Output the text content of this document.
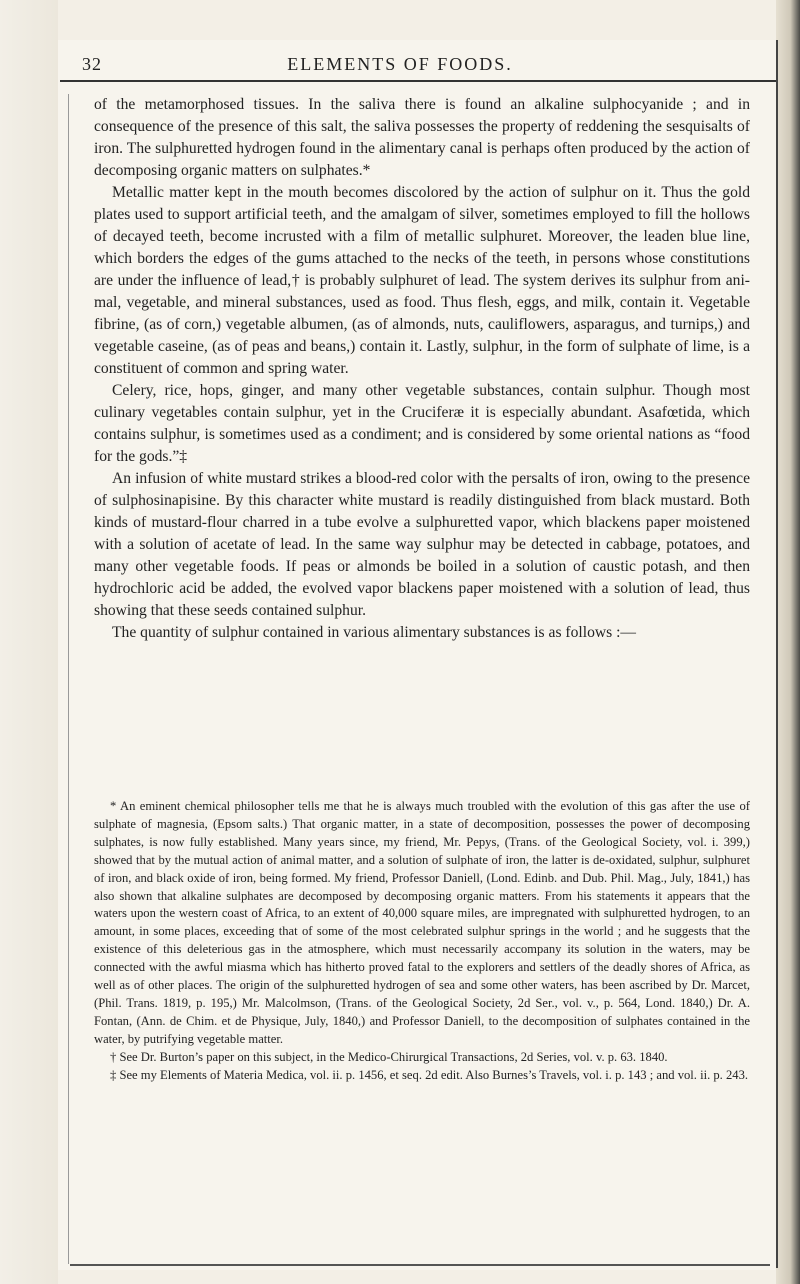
32	ELEMENTS OF FOODS.

of the metamorphosed tissues. In the saliva there is found an alkaline sulphocyanide ; and in consequence of the presence of this salt, the saliva possesses the property of reddening the sesquisalts of iron. The sulphuretted hydrogen found in the alimentary canal is perhaps often produced by the action of decomposing organic matters on sulphates.*

Metallic matter kept in the mouth becomes discolored by the action of sulphur on it. Thus the gold plates used to support artificial teeth, and the amalgam of silver, sometimes employed to fill the hollows of decayed teeth, become incrusted with a film of metallic sulphuret. Moreover, the leaden blue line, which borders the edges of the gums attached to the necks of the teeth, in persons whose constitutions are under the influence of lead,† is probably sulphuret of lead. The system derives its sulphur from animal, vegetable, and mineral substances, used as food. Thus flesh, eggs, and milk, contain it. Vegetable fibrine, (as of corn,) vegetable albumen, (as of almonds, nuts, cauliflowers, asparagus, and turnips,) and vegetable caseine, (as of peas and beans,) contain it. Lastly, sulphur, in the form of sulphate of lime, is a constituent of common and spring water.

Celery, rice, hops, ginger, and many other vegetable substances, contain sulphur. Though most culinary vegetables contain sulphur, yet in the Cruciferæ it is especially abundant. Asafœtida, which contains sulphur, is sometimes used as a condiment; and is considered by some oriental nations as “food for the gods.”‡

An infusion of white mustard strikes a blood-red color with the persalts of iron, owing to the presence of sulphosinapisine. By this character white mustard is readily distinguished from black mustard. Both kinds of mustard-flour charred in a tube evolve a sulphuretted vapor, which blackens paper moistened with a solution of acetate of lead. In the same way sulphur may be detected in cabbage, potatoes, and many other vegetable foods. If peas or almonds be boiled in a solution of caustic potash, and then hydrochloric acid be added, the evolved vapor blackens paper moistened with a solution of lead, thus showing that these seeds contained sulphur.

The quantity of sulphur contained in various alimentary substances is as follows :—

* An eminent chemical philosopher tells me that he is always much troubled with the evolution of this gas after the use of sulphate of magnesia, (Epsom salts.) That organic matter, in a state of decomposition, possesses the power of decomposing sulphates, is now fully established. Many years since, my friend, Mr. Pepys, (Trans. of the Geological Society, vol. i. 399,) showed that by the mutual action of animal matter, and a solution of sulphate of iron, the latter is de-oxidated, sulphur, sulphuret of iron, and black oxide of iron, being formed. My friend, Professor Daniell, (Lond. Edinb. and Dub. Phil. Mag., July, 1841,) has also shown that alkaline sulphates are decomposed by decomposing organic matters. From his statements it appears that the waters upon the western coast of Africa, to an extent of 40,000 square miles, are impregnated with sulphuretted hydrogen, to an amount, in some places, exceeding that of some of the most celebrated sulphur springs in the world ; and he suggests that the existence of this deleterious gas in the atmosphere, which must necessarily accompany its solution in the waters, may be connected with the awful miasma which has hitherto proved fatal to the explorers and settlers of the deadly shores of Africa, as well as of other places. The origin of the sulphuretted hydrogen of sea and some other waters, has been ascribed by Dr. Marcet, (Phil. Trans. 1819, p. 195,) Mr. Malcolmson, (Trans. of the Geological Society, 2d Ser., vol. v., p. 564, Lond. 1840,) Dr. A. Fontan, (Ann. de Chim. et de Physique, July, 1840,) and Professor Daniell, to the decomposition of sulphates contained in the water, by putrifying vegetable matter.

† See Dr. Burton’s paper on this subject, in the Medico-Chirurgical Transactions, 2d Series, vol. v. p. 63. 1840.

‡ See my Elements of Materia Medica, vol. ii. p. 1456, et seq. 2d edit. Also Burnes’s Travels, vol. i. p. 143 ; and vol. ii. p. 243.
